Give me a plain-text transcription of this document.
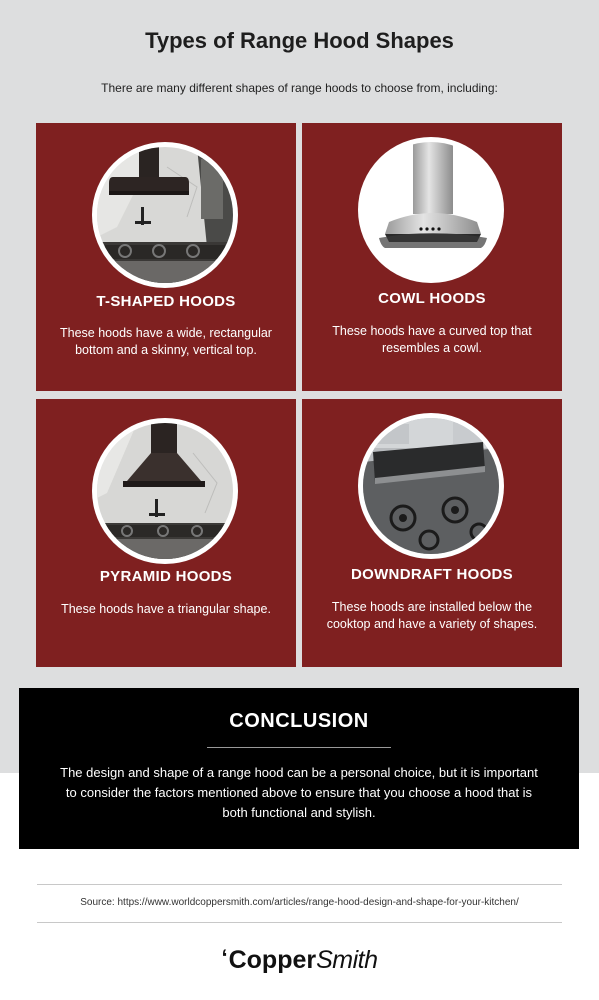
Types of Range Hood Shapes

There are many different shapes of range hoods to choose from, including:

T-SHAPED HOODS

These hoods have a wide, rectangular bottom and a skinny, vertical top.

COWL HOODS

These hoods have a curved top that resembles a cowl.

PYRAMID HOODS

These hoods have a triangular shape.

DOWNDRAFT HOODS

These hoods are installed below the cooktop and have a variety of shapes.

CONCLUSION

The design and shape of a range hood can be a personal choice, but it is important to consider the factors mentioned above to ensure that you choose a hood that is both functional and stylish.

Source: https://www.worldcoppersmith.com/articles/range-hood-design-and-shape-for-your-kitchen/

‘CopperSmith
